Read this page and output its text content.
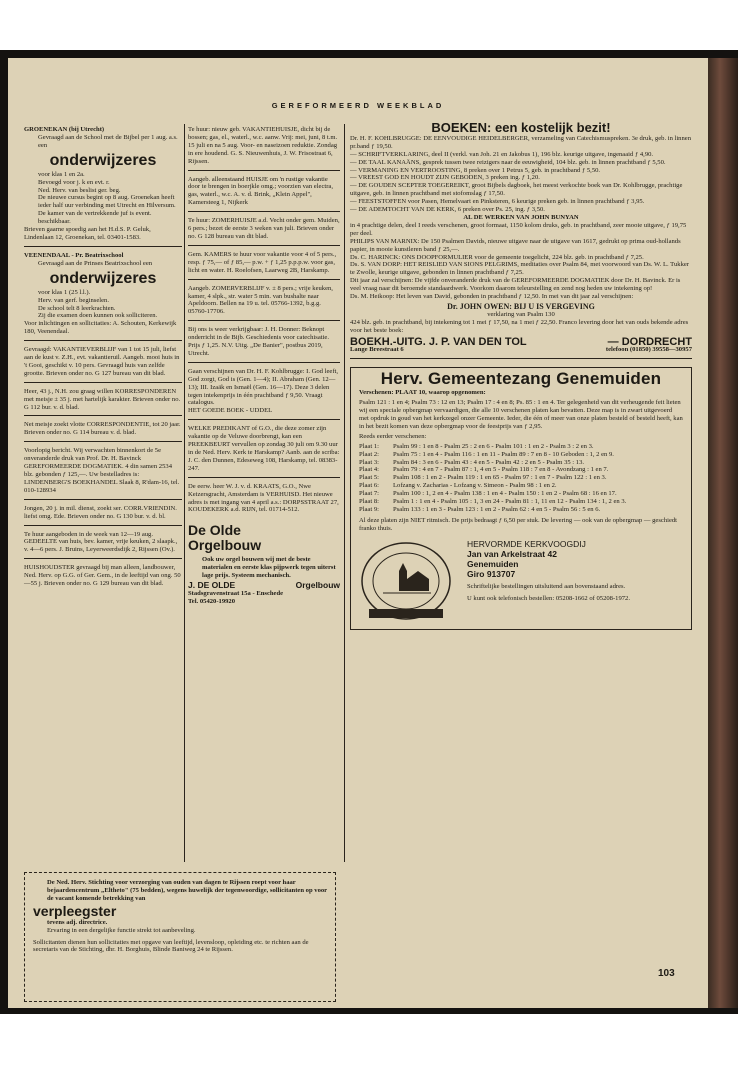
GEREFORMEERD WEEKBLAD
GROENEKAN (bij Utrecht)
Gevraagd aan de School met de Bijbel per 1 aug. a.s. een
onderwijzeres
voor klas 1 en 2a.
Bevoegd voor j. k en evt. r.
Ned. Herv. van beslist ger. beg.
De nieuwe cursus begint op 8 aug. Groenekan heeft ieder half uur verbinding met Utrecht en Hilversum. De kamer van de vertrekkende juf is event. beschikbaar.
Brieven gaarne spoedig aan het H.d.S. P. Geluk, Lindenlaan 12, Groenekan, tel. 03401-1583.
VEENENDAAL - Pr. Beatrixschool
Gevraagd aan de Prinses Beatrixschool een
onderwijzeres
voor klas 1 (25 l.l.).
Herv. van gerf. beginselen.
De school telt 8 leerkrachten.
Zij die examen doen kunnen ook solliciteren.
Voor inlichtingen en sollicitaties: A. Schouten, Kerkewijk 180, Veenendaal.
Gevraagd: VAKANTIEVERBLIJF van 1 tot 15 juli, liefst aan de kust v. Z.H., evt. vakantieruil. Aangeb. mooi huis in 't Gooi, geschikt v. 10 pers. Gevraagd huis van zelfde grootte. Brieven onder no. G 127 bureau van dit blad.
Heer, 43 j., N.H. zou graag willen KORRESPONDEREN met meisje ± 35 j. met hartelijk karakter. Brieven onder no. G 112 bur. v. d. blad.
Net meisje zoekt vlotte CORRESPONDENTIE, tot 20 jaar. Brieven onder no. G 114 bureau v. d. blad.
Voorlopig bericht. Wij verwachten binnenkort de 5e onveranderde druk van Prof. Dr. H. Bavinck GEREFORMEERDE DOGMATIEK. 4 din samen 2534 blz. gebonden ƒ 125,—. Uw bestelladres is:
LINDENBERG'S BOEKHANDEL Slaak 8, R'dam-16, tel. 010-128934
Jongen, 20 j. in mil. dienst, zoekt ser. CORR.VRIENDIN. liefst omg. Ede. Brieven onder no. G 130 bur. v. d. bl.
Te huur aangeboden in de week van 12—19 aug. GEDEELTE van huis, bev. kamer, vrije keuken, 2 slaapk., v. 4—6 pers. J. Bruins, Leyerweerdsdijk 2, Rijssen (Ov.).
HUISHOUDSTER gevraagd bij man alleen, landbouwer, Ned. Herv. op G.G. of Ger. Gem., in de leeftijd van ong. 50—55 j. Brieven onder no. G 129 bureau van dit blad.
Te huur: nieuw geb. VAKANTIEHUISJE, dicht bij de bossen; gas, el., waterl., w.c. aanw. Vrij: mei, juni, 8 t.m. 15 juli en na 5 aug. Voor- en naseizoen reduktie. Zondag in ere houdend. G. S. Nieuwenhuis, J. W. Frisostraat 6, Rijssen.
Aangeb. alleenstaand HUISJE om 'n rustige vakantie door te brengen in boerjkle omg.; voorzien van electra, gas, waterl., w.c. A. v. d. Brink, „Klein Appel", Kamersteeg 1, Nijkerk
Te huur: ZOMERHUISJE a.d. Vecht onder gem. Muiden, 6 pers.; bezet de eerste 3 weken van juli. Brieven onder no. G 128 bureau van dit blad.
Gem. KAMERS te huur voor vakantie voor 4 of 5 pers., resp. ƒ 75,— of ƒ 85,— p.w. + ƒ 1,25 p.p.p.w. voor gas, licht en water. H. Roelofsen, Laarweg 2B, Harskamp.
Aangeb. ZOMERVERBLIJF v. ± 8 pers.; vrije keuken, kamer, 4 slpk., str. water 5 min. van bushalte naar Apeldoorn. Bellen na 19 u. tel. 05766-1392, b.g.g. 05760-17706.
Bij ons is weer verkrijgbaar: J. H. Donner: Beknopt onderricht in de Bijb. Geschiedenis voor catechisatie. Prijs ƒ 1,25. N.V. Uitg. „De Banier", postbus 2019, Utrecht.
Gaan verschijnen van Dr. H. F. Kohlbrugge: I. God leeft, God zorgt, God is (Gen. 1—4); II. Abraham (Gen. 12—13); III. Izaäk en Ismaël (Gen. 16—17). Deze 3 delen tegen intekenprijs in één prachtband ƒ 9,50. Vraagt catalogus.
HET GOEDE BOEK - UDDEL
WELKE PREDIKANT of G.O., die deze zomer zijn vakantie op de Veluwe doorbrengt, kan een PREEKBEURT vervullen op zondag 30 juli om 9.30 uur in de Ned. Herv. Kerk te Harskamp? Aanb. aan de scriba: J. C. den Dunnen, Edeseweg 108, Harskamp, tel. 08383-247.
De eerw. heer W. J. v. d. KRAATS, G.O., Nwe Keizersgracht, Amsterdam is VERHUISD. Het nieuwe adres is met ingang van 4 april a.s.: DORPSSTRAAT 27, KOUDEKERK a.d. RIJN, tel. 01714-512.
De Olde
Orgelbouw
Ook uw orgel bouwen wij met de beste materialen en eerste klas pijpwerk tegen uiterst lage prijs. Systeem mechanisch.
J. DE OLDE	Orgelbouw
Stadsgravenstraat 15a - Enschede
Tel. 05420-19920
BOEKEN: een kostelijk bezit!
Dr. H. F. KOHLBRUGGE: DE EENVOUDIGE HEIDELBERGER, verzameling van Catechismuspreken. 3e druk, geb. in linnen pr.band ƒ 19,50.
— SCHRIFTVERKLARING, deel II (verkl. van Joh. 21 en Jakobus 1), 196 blz. keurige uitgave, ingenaaid ƒ 4,90.
— DE TAAL KANAÄNS, gesprek tussen twee reizigers naar de eeuwigheid, 104 blz. geb. in linnen prachtband ƒ 5,50.
— VERMANING EN VERTROOSTING, 8 preken over 1 Petrus 5, geb. in prachtband ƒ 5,50.
— VREEST GOD EN HOUDT ZIJN GEBODEN, 3 preken ing. ƒ 1,20.
— DE GOUDEN SCEPTER TOEGEREIKT, groot Bijbels dagboek, het meest verkochte boek van Dr. Kohlbrugge, prachtige uitgave, geb. in linnen prachtband met stofomslag ƒ 17,50.
— FEESTSTOFFEN voor Pasen, Hemelvaart en Pinksteren, 6 keurige preken geb. in linnen prachtband ƒ 3,95.
— DE ADEMTOCHT VAN DE KERK, 6 preken over Ps. 25, ing. ƒ 3,50.
AL DE WERKEN VAN JOHN BUNYAN
in 4 prachtige delen, deel I reeds verschenen, groot formaat, 1150 kolom druks, geb. in prachtband, zeer mooie uitgave, ƒ 19,75 per deel.
PHILIPS VAN MARNIX: De 150 Psalmen Davids, nieuwe uitgave naar de uitgave van 1617, gedrukt op prima oud-hollands papier, in mooie kunstleren band ƒ 25,—.
Ds. C. HARINCK: ONS DOOPFORMULIER voor de gemeente toegelicht, 224 blz. geb. in prachtband ƒ 7,25.
Ds. S. VAN DORP: HET REISLIED VAN SIONS PELGRIMS, meditaties over Psalm 84, met voorwoord van Ds. W. L. Tukker te Zwolle, keurige uitgave, gebonden in linnen prachtband ƒ 7,25.
Dit jaar zal verschijnen: De vijfde onveranderde druk van de GEREFORMEERDE DOGMATIEK door Dr. H. Bavinck. Er is veel vraag naar dit beroemde standaardwerk. Voorkom daarom teleurstelling en zend nog heden uw intekening op!
Ds. M. Heikoop: Het leven van David, gebonden in prachtband ƒ 12,50. In mei van dit jaar zal verschijnen:
Dr. JOHN OWEN: BIJ U IS VERGEVING
verklaring van Psalm 130
424 blz. geb. in prachtband, bij intekening tot 1 mei ƒ 17,50, na 1 mei ƒ 22,50. Franco levering door het van ouds bekende adres voor het beste boek:
BOEKH.-UITG. J. P. VAN DEN TOL	— DORDRECHT
Lange Breestraat 6	telefoon (01850) 39558—30957
Herv. Gemeentezang Genemuiden
Verschenen: PLAAT 10, waarop opgenomen:
Psalm 121 : 1 en 4; Psalm 73 : 12 en 13; Psalm 17 : 4 en 8; Ps. 85 : 1 en 4. Ter gelegenheid van dit verheugende feit lieten wij een speciale opbergmap vervaardigen, die alle 10 verschenen platen kan bevatten. Deze map is in zwart uitgevoerd met opdruk in goud van het kerkzegel onzer Gemeente. Ieder, die één of meer van onze platen besteld of besteld heeft, kan in het bezit komen van deze opbergmap voor de feestprijs van ƒ 2,95.
Reeds eerder verschenen:
Plaat 1:	Psalm 99 : 1 en 8 - Psalm 25 : 2 en 6 - Psalm 101 : 1 en 2 - Psalm 3 : 2 en 3.
Plaat 2:	Psalm 75 : 1 en 4 - Psalm 116 : 1 en 11 - Psalm 89 : 7 en 8 - 10 Geboden : 1, 2 en 9.
Plaat 3:	Psalm 84 : 3 en 6 - Psalm 43 : 4 en 5 - Psalm 42 : 2 en 5 - Psalm 35 : 13.
Plaat 4:	Psalm 79 : 4 en 7 - Psalm 87 : 1, 4 en 5 - Psalm 118 : 7 en 8 - Avondzang : 1 en 7.
Plaat 5:	Psalm 108 : 1 en 2 - Psalm 119 : 1 en 65 - Psalm 97 : 1 en 7 - Psalm 122 : 1 en 3.
Plaat 6:	Lofzang v. Zacharias - Lofzang v. Simeon - Psalm 98 : 1 en 2.
Plaat 7:	Psalm 100 : 1, 2 en 4 - Psalm 138 : 1 en 4 - Psalm 150 : 1 en 2 - Psalm 68 : 16 en 17.
Plaat 8:	Psalm 1 : 1 en 4 - Psalm 105 : 1, 3 en 24 - Psalm 81 : 1, 11 en 12 - Psalm 134 : 1, 2 en 3.
Plaat 9:	Psalm 133 : 1 en 3 - Psalm 123 : 1 en 2 - Psalm 62 : 4 en 5 - Psalm 56 : 5 en 6.
Al deze platen zijn NIET ritmisch. De prijs bedraagt ƒ 6,50 per stuk. De levering — ook van de opbergmap — geschiedt franko thuis.
HERVORMDE KERKVOOGDIJ
Jan van Arkelstraat 42
Genemuiden
Giro 913707
Schriftelijke bestellingen uitsluitend aan bovenstaand adres.
U kunt ook telefonisch bestellen: 05208-1662 of 05208-1972.
De Ned. Herv. Stichting voor verzorging van ouden van dagen te Rijssen roept voor haar bejaardencentrum „Eltheto" (75 bedden), wegens huwelijk der tegenwoordige, sollicitanten op voor de vacant komende betrekking van
verpleegster
tevens adj. directrice.
Ervaring in een dergelijke functie strekt tot aanbeveling.
Sollicitanten dienen hun sollicitaties met opgave van leeftijd, levensloop, opleiding etc. te richten aan de secretaris van de Stichting, dhr. H. Borghuis, Blinde Baniweg 24 te Rijssen.
103
